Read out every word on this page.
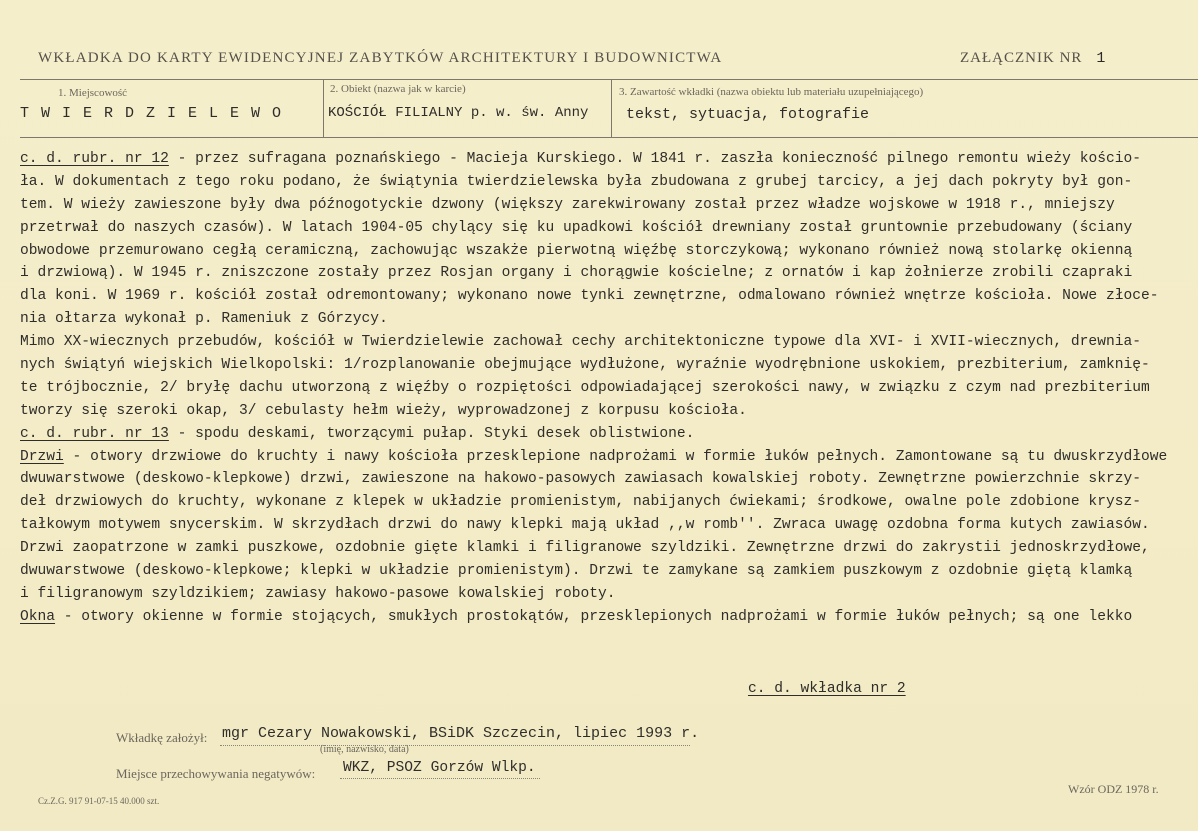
WKŁADKA DO KARTY EWIDENCYJNEJ ZABYTKÓW ARCHITEKTURY I BUDOWNICTWA	ZAŁĄCZNIK NR 1
1. Miejscowość
T W I E R D Z I E L E W O
2. Obiekt (nazwa jak w karcie)
KOŚCIÓŁ FILIALNY p. w. św. Anny
3. Zawartość wkładki (nazwa obiektu lub materiału uzupełniającego)
tekst, sytuacja, fotografie
c. d. rubr. nr 12 - przez sufragana poznańskiego - Macieja Kurskiego. W 1841 r. zaszła konieczność pilnego remontu wieży kościo-
ła. W dokumentach z tego roku podano, że świątynia twierdzielewska była zbudowana z grubej tarcicy, a jej dach pokryty był gon-
tem. W wieży zawieszone były dwa późnogotyckie dzwony (większy zarekwirowany został przez władze wojskowe w 1918 r., mniejszy
przetrwał do naszych czasów). W latach 1904-05 chylący się ku upadkowi kościół drewniany został gruntownie przebudowany (ściany
obwodowe przemurowano cegłą ceramiczną, zachowując wszakże pierwotną więźbę storczykową; wykonano również nową stolarkę okienną
i drzwiową). W 1945 r. zniszczone zostały przez Rosjan organy i chorągwie kościelne; z ornatów i kap żołnierze zrobili czapraki
dla koni. W 1969 r. kościół został odremontowany; wykonano nowe tynki zewnętrzne, odmalowano również wnętrze kościoła. Nowe złoce-
nia ołtarza wykonał p. Rameniuk z Górzycy.
Mimo XX-wiecznych przebudów, kościół w Twierdzielewie zachował cechy architektoniczne typowe dla XVI- i XVII-wiecznych, drewnia-
nych świątyń wiejskich Wielkopolski: 1/rozplanowanie obejmujące wydłużone, wyraźnie wyodrębnione uskokiem, prezbiterium, zamknię-
te trójbocznie, 2/ bryłę dachu utworzoną z więźby o rozpiętości odpowiadającej szerokości nawy, w związku z czym nad prezbiterium
tworzy się szeroki okap, 3/ cebulasty hełm wieży, wyprowadzonej z korpusu kościoła.
c. d. rubr. nr 13 - spodu deskami, tworzącymi pułap. Styki desek oblistwione.
Drzwi - otwory drzwiowe do kruchty i nawy kościoła przesklepione nadprożami w formie łuków pełnych. Zamontowane są tu dwuskrzydłowe
dwuwarstwowe (deskowo-klepkowe) drzwi, zawieszone na hakowo-pasowych zawiasach kowalskiej roboty. Zewnętrzne powierzchnie skrzy-
deł drzwiowych do kruchty, wykonane z klepek w układzie promienistym, nabijanych ćwiekami; środkowe, owalne pole zdobione krysz-
tałkowym motywem snycerskim. W skrzydłach drzwi do nawy klepki mają układ ,,w romb''. Zwraca uwagę ozdobna forma kutych zawiasów.
Drzwi zaopatrzone w zamki puszkowe, ozdobnie gięte klamki i filigranowe szyldziki. Zewnętrzne drzwi do zakrystii jednoskrzydłowe,
dwuwarstwowe (deskowo-klepkowe; klepki w układzie promienistym). Drzwi te zamykane są zamkiem puszkowym z ozdobnie giętą klamką
i filigranowym szyldzikiem; zawiasy hakowo-pasowe kowalskiej roboty.
Okna - otwory okienne w formie stojących, smukłych prostokątów, przesklepionych nadprożami w formie łuków pełnych; są one lekko
c. d. wkładka nr 2
Wkładkę założył: mgr Cezary Nowakowski, BSiDK Szczecin, lipiec 1993 r.
(imię, nazwisko, data)
Miejsce przechowywania negatywów: WKZ, PSOZ Gorzów Wlkp.
Cz.Z.G. 917 91-07-15 40.000 szt.
Wzór ODZ 1978 r.
